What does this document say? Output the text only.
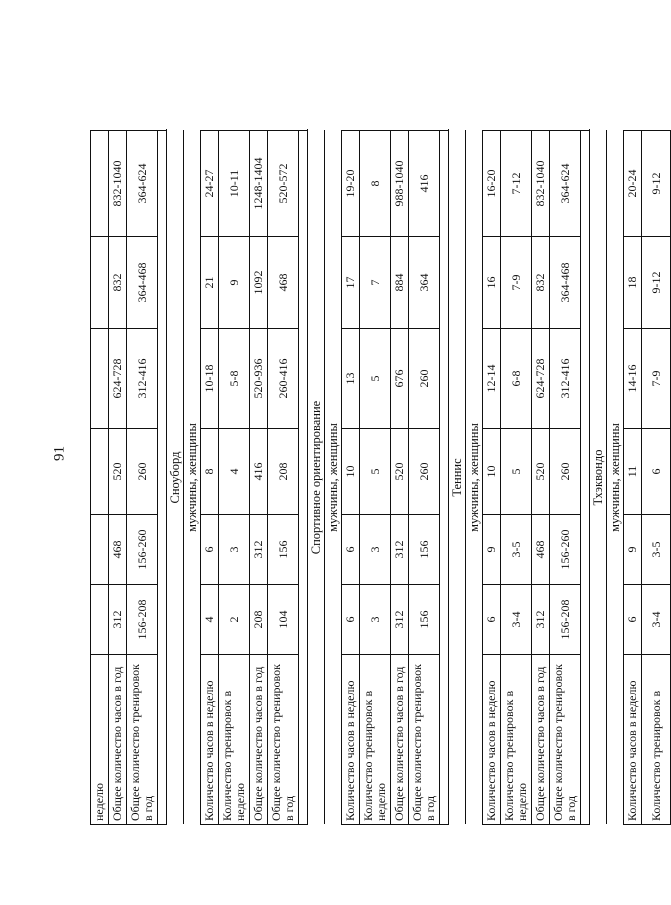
91
неделю							
Общее количество часов в год	312	468	520	624-728	832	832-1040	
Общее количество тренировок в год	156-208	156-260	260	312-416	364-468	364-624	

Сноуборд							
мужчины, женщины							
Количество часов в неделю	4	6	8	10-18	21	24-27	
Количество тренировок в неделю	2	3	4	5-8	9	10-11	
Общее количество часов в год	208	312	416	520-936	1092	1248-1404	
Общее количество тренировок в год	104	156	208	260-416	468	520-572	

Спортивное ориентирование							
мужчины, женщины							
Количество часов в неделю	6	6	10	13	17	19-20	
Количество тренировок в неделю	3	3	5	5	7	8	
Общее количество часов в год	312	312	520	676	884	988-1040	
Общее количество тренировок в год	156	156	260	260	364	416	

Теннис							
мужчины, женщины							
Количество часов в неделю	6	9	10	12-14	16	16-20	
Количество тренировок в неделю	3-4	3-5	5	6-8	7-9	7-12	
Общее количество часов в год	312	468	520	624-728	832	832-1040	
Общее количество тренировок в год	156-208	156-260	260	312-416	364-468	364-624	

Тхэквондо							
мужчины, женщины							
Количество часов в неделю	6	9	11	14-16	18	20-24	
Количество тренировок в	3-4	3-5	6	7-9	9-12	9-12	
